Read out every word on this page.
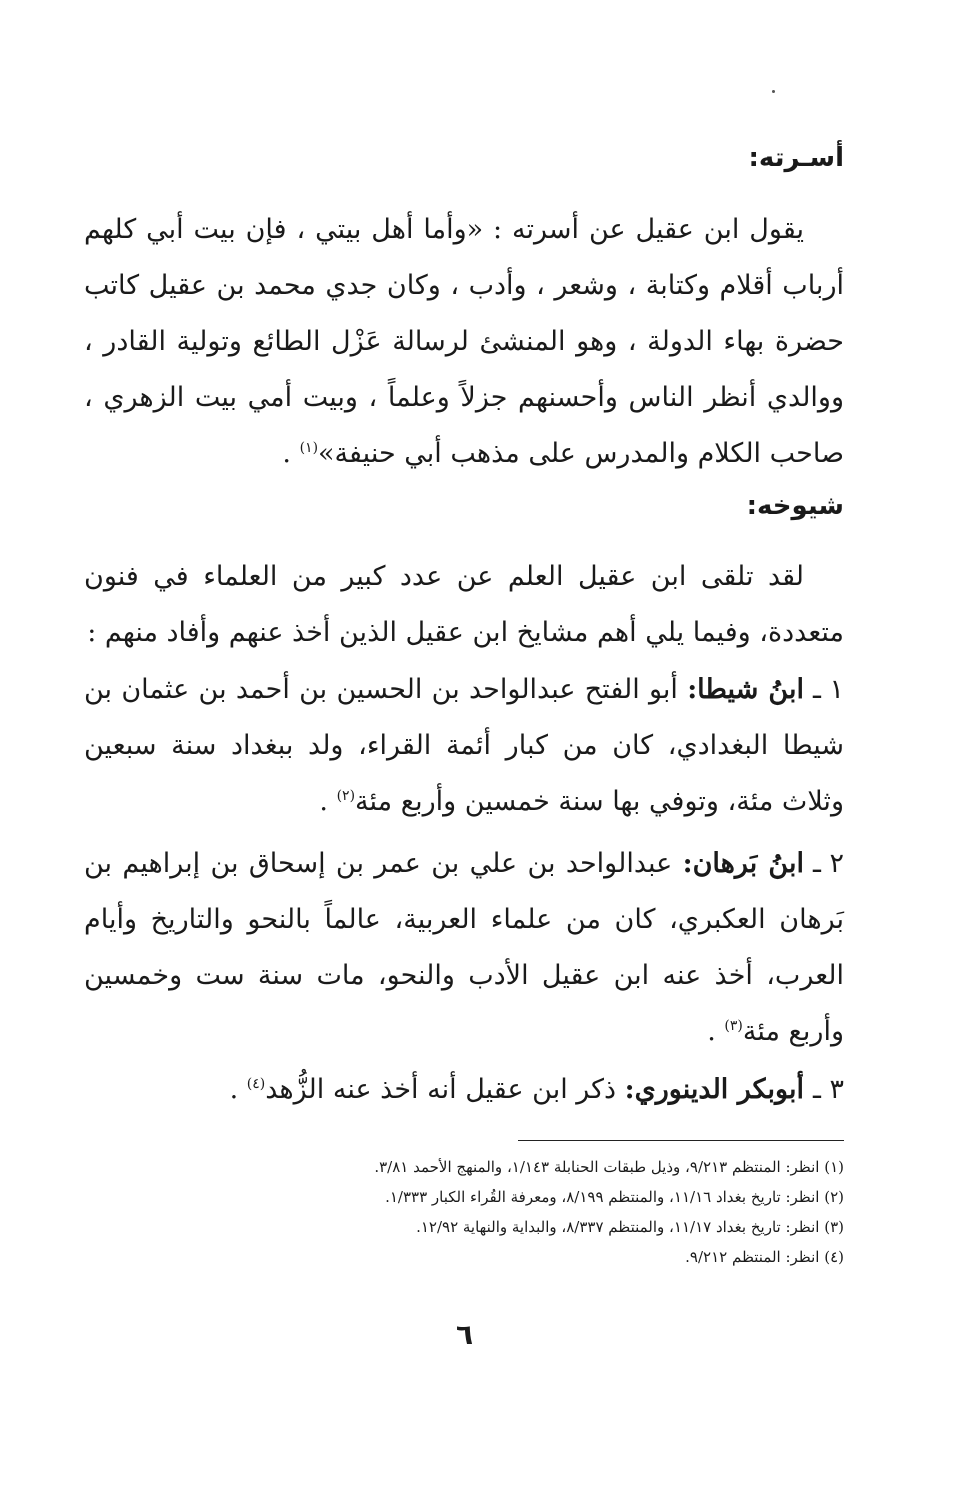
أسـرته:

يقول ابن عقيل عن أسرته : «وأما أهل بيتي ، فإن بيت أبي كلهم أرباب أقلام وكتابة ، وشعر ، وأدب ، وكان جدي محمد بن عقيل كاتب حضرة بهاء الدولة ، وهو المنشئ لرسالة عَزْل الطائع وتولية القادر ، ووالدي أنظر الناس وأحسنهم جزلاً وعلماً ، وبيت أمي بيت الزهري ، صاحب الكلام والمدرس على مذهب أبي حنيفة»$^{(١)}$ .

شيوخه:

لقد تلقى ابن عقيل العلم عن عدد كبير من العلماء في فنون متعددة، وفيما يلي أهم مشايخ ابن عقيل الذين أخذ عنهم وأفاد منهم :

١ ـابنُ شيطا: أبو الفتح عبدالواحد بن الحسين بن أحمد بن عثمان بن شيطا البغدادي، كان من كبار أئمة القراء، ولد ببغداد سنة سبعين وثلاث مئة، وتوفي بها سنة خمسين وأربع مئة$^{(٢)}$ .

٢ ـابنُ بَرهان: عبدالواحد بن علي بن عمر بن إسحاق بن إبراهيم بن بَرهان العكبري، كان من علماء العربية، عالماً بالنحو والتاريخ وأيام العرب، أخذ عنه ابن عقيل الأدب والنحو، مات سنة ست وخمسين وأربع مئة$^{(٣)}$ .

٣ ـأبوبكر الدينوري: ذكر ابن عقيل أنه أخذ عنه الزُّهد$^{(٤)}$ .

(١) انظر: المنتظم ٩/٢١٣، وذيل طبقات الحنابلة ١/١٤٣، والمنهج الأحمد ٣/٨١.
(٢) انظر: تاريخ بغداد ١١/١٦، والمنتظم ٨/١٩٩، ومعرفة القُراء الكبار ١/٣٣٣.
(٣) انظر: تاريخ بغداد ١١/١٧، والمنتظم ٨/٣٣٧، والبداية والنهاية ١٢/٩٢.
(٤) انظر: المنتظم ٩/٢١٢.
٦
